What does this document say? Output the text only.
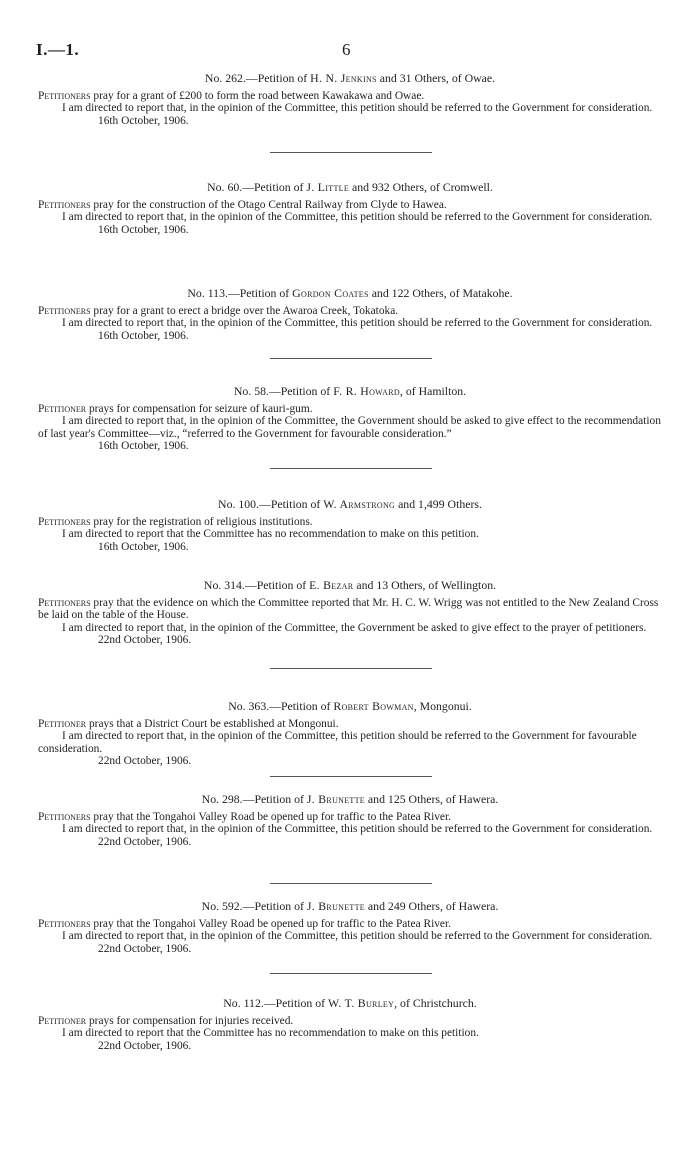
I.—1.	6
No. 262.—Petition of H. N. Jenkins and 31 Others, of Owae.

Petitioners pray for a grant of £200 to form the road between Kawakawa and Owae.

I am directed to report that, in the opinion of the Committee, this petition should be referred to the Government for consideration.

16th October, 1906.
No. 60.—Petition of J. Little and 932 Others, of Cromwell.

Petitioners pray for the construction of the Otago Central Railway from Clyde to Hawea.

I am directed to report that, in the opinion of the Committee, this petition should be referred to the Government for consideration.

16th October, 1906.
No. 113.—Petition of Gordon Coates and 122 Others, of Matakohe.

Petitioners pray for a grant to erect a bridge over the Awaroa Creek, Tokatoka.

I am directed to report that, in the opinion of the Committee, this petition should be referred to the Government for consideration.

16th October, 1906.
No. 58.—Petition of F. R. Howard, of Hamilton.

Petitioner prays for compensation for seizure of kauri-gum.

I am directed to report that, in the opinion of the Committee, the Government should be asked to give effect to the recommendation of last year's Committee—viz., “referred to the Government for favourable consideration.”

16th October, 1906.
No. 100.—Petition of W. Armstrong and 1,499 Others.

Petitioners pray for the registration of religious institutions.

I am directed to report that the Committee has no recommendation to make on this petition.

16th October, 1906.
No. 314.—Petition of E. Bezar and 13 Others, of Wellington.

Petitioners pray that the evidence on which the Committee reported that Mr. H. C. W. Wrigg was not entitled to the New Zealand Cross be laid on the table of the House.

I am directed to report that, in the opinion of the Committee, the Government be asked to give effect to the prayer of petitioners.

22nd October, 1906.
No. 363.—Petition of Robert Bowman, Mongonui.

Petitioner prays that a District Court be established at Mongonui.

I am directed to report that, in the opinion of the Committee, this petition should be referred to the Government for favourable consideration.

22nd October, 1906.
No. 298.—Petition of J. Brunette and 125 Others, of Hawera.

Petitioners pray that the Tongahoi Valley Road be opened up for traffic to the Patea River.

I am directed to report that, in the opinion of the Committee, this petition should be referred to the Government for consideration.

22nd October, 1906.
No. 592.—Petition of J. Brunette and 249 Others, of Hawera.

Petitioners pray that the Tongahoi Valley Road be opened up for traffic to the Patea River.

I am directed to report that, in the opinion of the Committee, this petition should be referred to the Government for consideration.

22nd October, 1906.
No. 112.—Petition of W. T. Burley, of Christchurch.

Petitioner prays for compensation for injuries received.

I am directed to report that the Committee has no recommendation to make on this petition.

22nd October, 1906.
